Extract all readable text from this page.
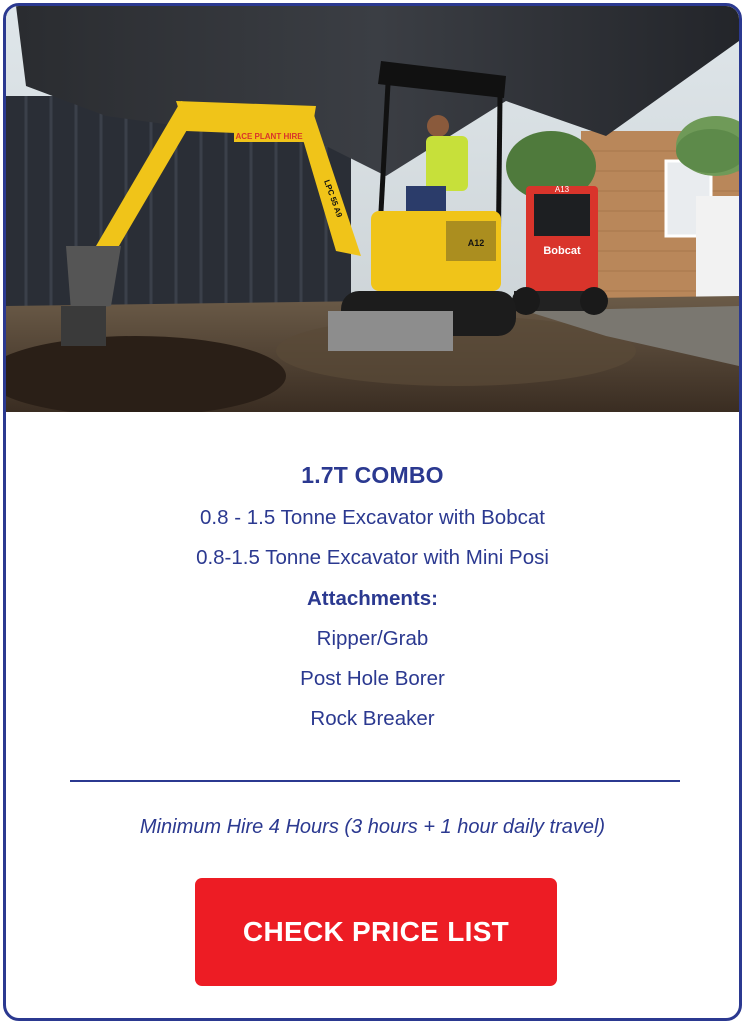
Bobcat
A13
A12
ACE PLANT HIRE
LPC 55 A9
1.7T COMBO
0.8 - 1.5 Tonne Excavator with Bobcat
0.8-1.5 Tonne Excavator with Mini Posi
Attachments:
Ripper/Grab
Post Hole Borer
Rock Breaker
Minimum Hire 4 Hours (3 hours + 1 hour daily travel)
CHECK PRICE LIST
